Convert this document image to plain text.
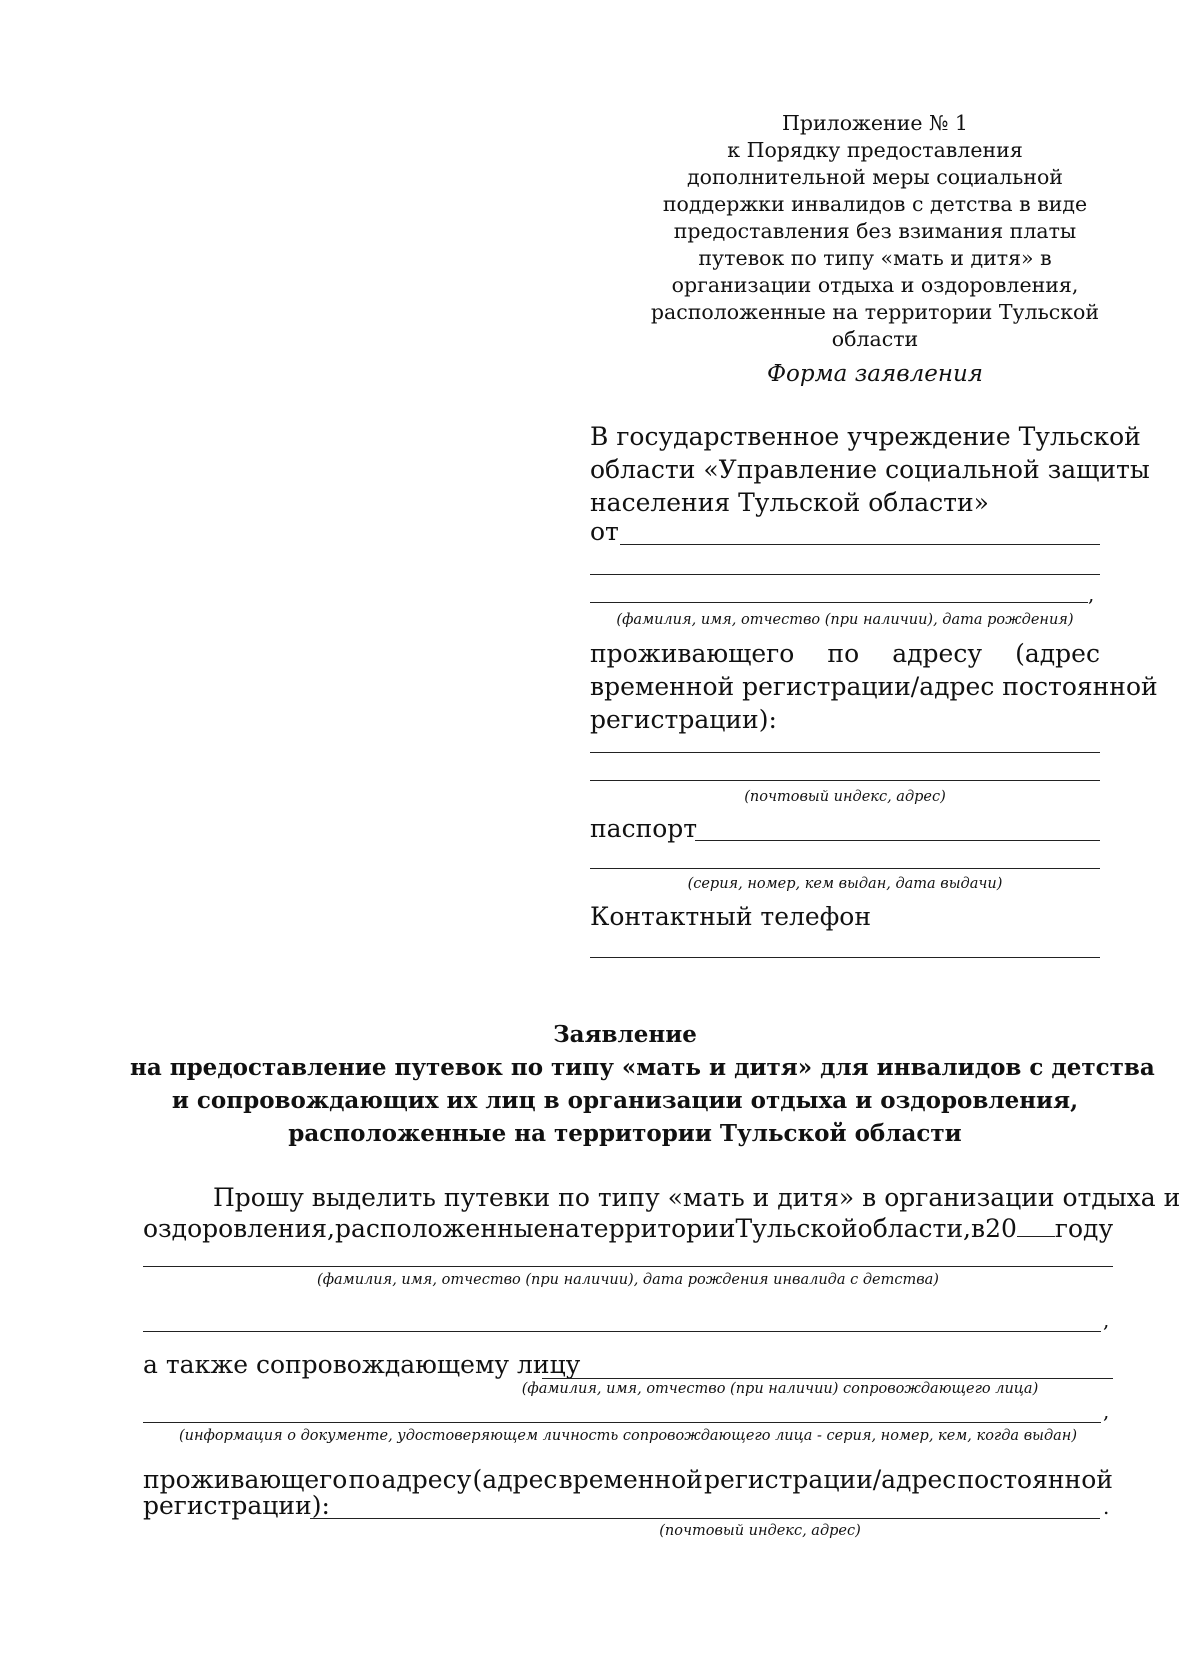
Приложение № 1
к Порядку предоставления
дополнительной меры социальной
поддержки инвалидов с детства в виде
предоставления без взимания платы
путевок по типу «мать и дитя» в
организации отдыха и оздоровления,
расположенные на территории Тульской
области
Форма заявления
В государственное учреждение Тульской
области «Управление социальной защиты
населения Тульской области»
от
,
(фамилия, имя, отчество (при наличии), дата рождения)
проживающего по адресу (адрес
временной регистрации/адрес постоянной
регистрации):
(почтовый индекс, адрес)
паспорт
(серия, номер, кем выдан, дата выдачи)
Контактный телефон
Заявление
на предоставление путевок по типу «мать и дитя» для инвалидов с детства
и сопровождающих их лиц в организации отдыха и оздоровления,
расположенные на территории Тульской области
Прошу выделить путевки по типу «мать и дитя» в организации отдыха и
оздоровления, расположенные на территории Тульской области, в 20	году
(фамилия, имя, отчество (при наличии), дата рождения инвалида с детства)
,
а также сопровождающему лицу
(фамилия, имя, отчество (при наличии) сопровождающего лица)
,
(информация о документе, удостоверяющем личность сопровождающего лица - серия, номер, кем, когда выдан)
проживающего по адресу (адрес временной регистрации/адрес постоянной
регистрации):	.
(почтовый индекс, адрес)
